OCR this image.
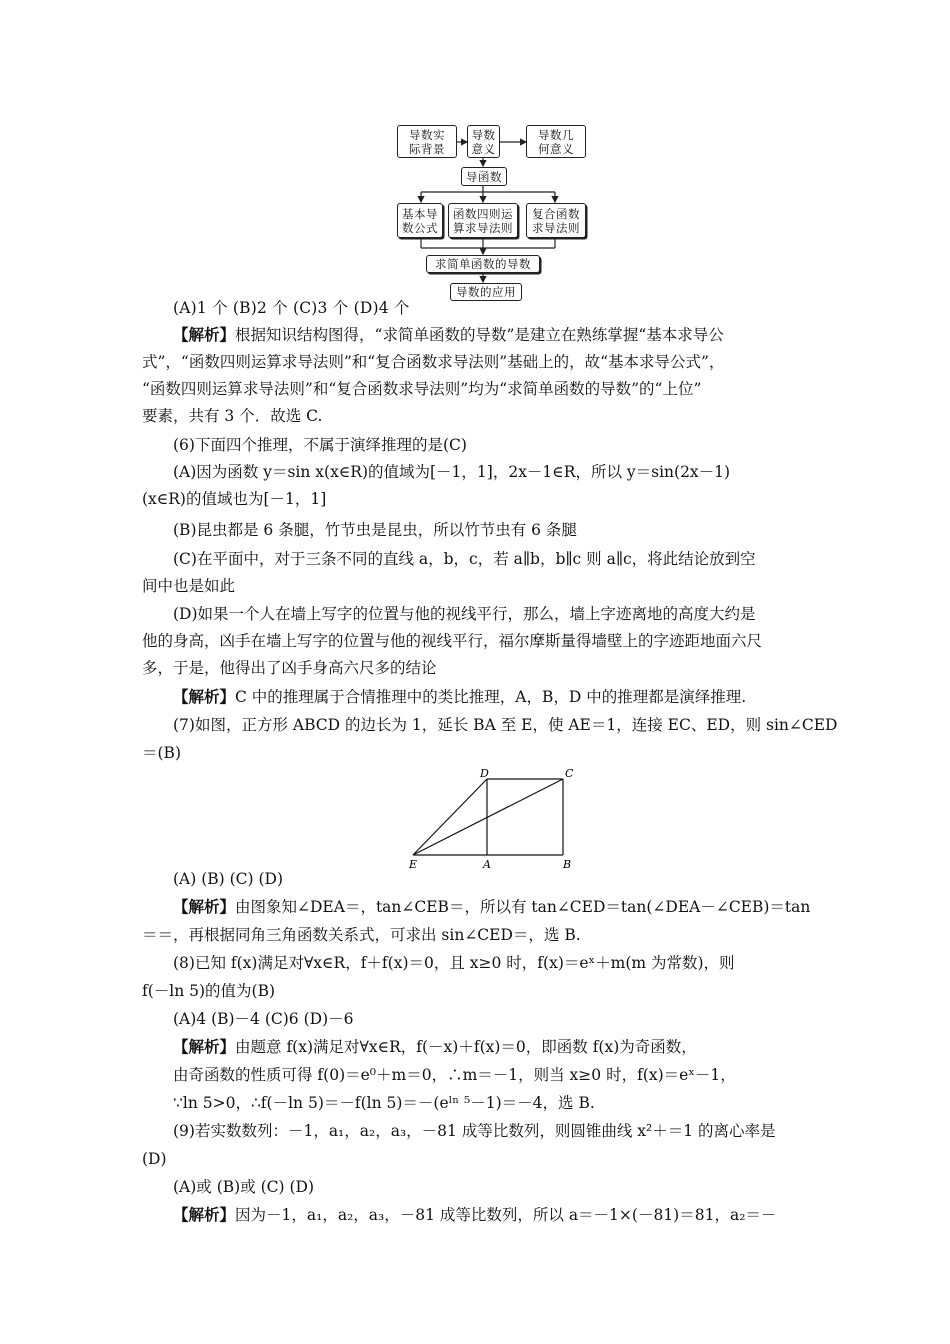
导数实
际背景
导数
意义
导数几
何意义
导函数
基本导
数公式
函数四则运
算求导法则
复合函数
求导法则
求简单函数的导数
导数的应用
(A)1 个 (B)2 个 (C)3 个 (D)4 个
【解析】根据知识结构图得，“求简单函数的导数”是建立在熟练掌握“基本求导公
式”，“函数四则运算求导法则”和“复合函数求导法则”基础上的，故“基本求导公式”，
“函数四则运算求导法则”和“复合函数求导法则”均为“求简单函数的导数”的“上位”
要素，共有 3 个．故选 C.
(6)下面四个推理，不属于演绎推理的是(C)
(A)因为函数 y＝sin x(x∈R)的值域为[－1，1]，2x－1∈R，所以 y＝sin(2x－1)
(x∈R)的值域也为[－1，1]
(B)昆虫都是 6 条腿，竹节虫是昆虫，所以竹节虫有 6 条腿
(C)在平面中，对于三条不同的直线 a，b，c，若 a∥b，b∥c 则 a∥c，将此结论放到空
间中也是如此
(D)如果一个人在墙上写字的位置与他的视线平行，那么，墙上字迹离地的高度大约是
他的身高，凶手在墙上写字的位置与他的视线平行，福尔摩斯量得墙壁上的字迹距地面六尺
多，于是，他得出了凶手身高六尺多的结论
【解析】C 中的推理属于合情推理中的类比推理，A，B，D 中的推理都是演绎推理.
(7)如图，正方形 ABCD 的边长为 1，延长 BA 至 E，使 AE＝1，连接 EC、ED，则 sin∠CED
＝(B)
D	C
E	A	B
(A) (B) (C) (D)
【解析】由图象知∠DEA＝，tan∠CEB＝，所以有 tan∠CED＝tan(∠DEA－∠CEB)＝tan
＝＝，再根据同角三角函数关系式，可求出 sin∠CED＝，选 B.
(8)已知 f(x)满足对∀x∈R，f＋f(x)＝0，且 x≥0 时，f(x)＝eˣ＋m(m 为常数)，则
f(－ln 5)的值为(B)
(A)4 (B)－4 (C)6 (D)－6
【解析】由题意 f(x)满足对∀x∈R，f(－x)＋f(x)＝0，即函数 f(x)为奇函数，
由奇函数的性质可得 f(0)＝e⁰＋m＝0，∴m＝－1，则当 x≥0 时，f(x)＝eˣ－1，
∵ln 5>0，∴f(－ln 5)＝－f(ln 5)＝－(eˡⁿ ⁵－1)＝－4，选 B.
(9)若实数数列：－1，a₁，a₂，a₃，－81 成等比数列，则圆锥曲线 x²＋＝1 的离心率是
(D)
(A)或 (B)或 (C) (D)
【解析】因为－1，a₁，a₂，a₃，－81 成等比数列，所以 a＝－1×(－81)＝81，a₂＝－
